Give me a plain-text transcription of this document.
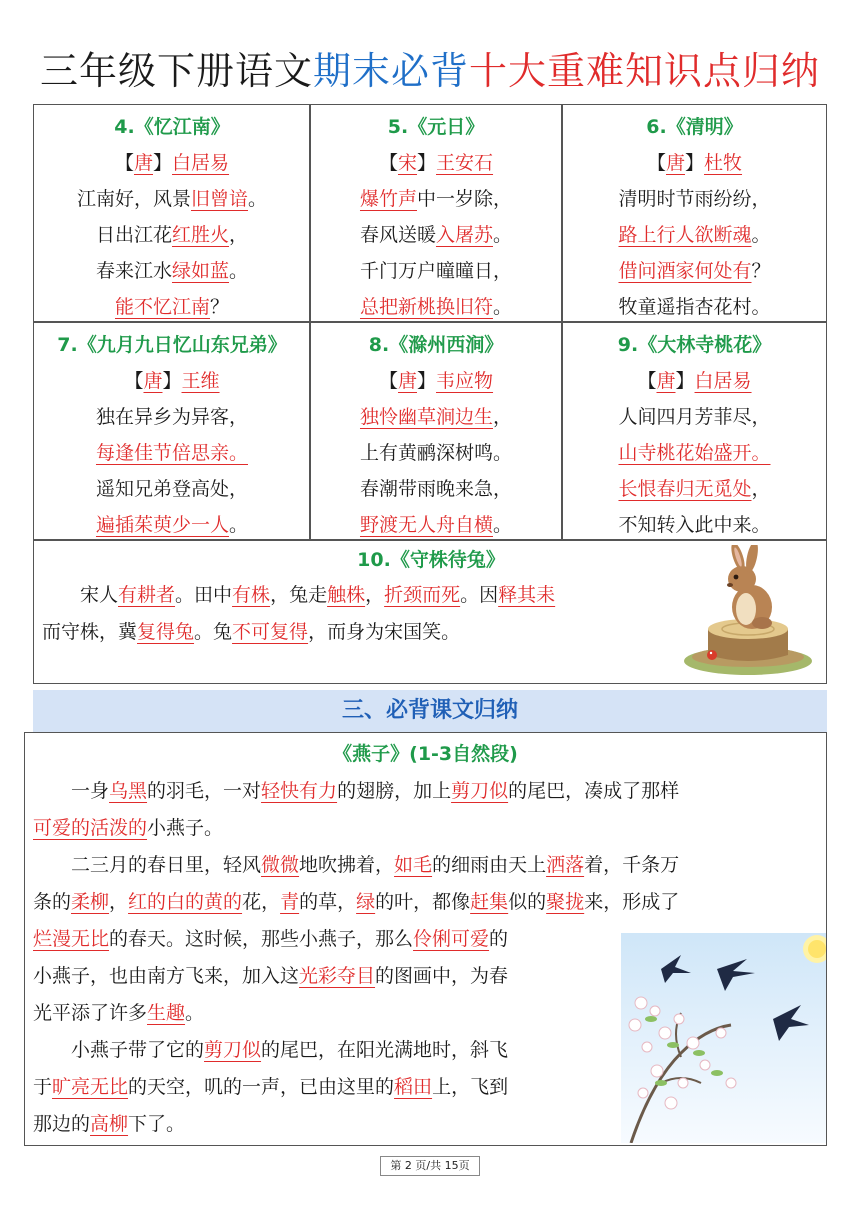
三年级下册语文期末必背十大重难知识点归纳
4.《忆江南》
【唐】白居易
江南好，风景旧曾谙。
日出江花红胜火，
春来江水绿如蓝。
能不忆江南？
5.《元日》
【宋】王安石
爆竹声中一岁除，
春风送暖入屠苏。
千门万户曈曈日，
总把新桃换旧符。
6.《清明》
【唐】杜牧
清明时节雨纷纷，
路上行人欲断魂。
借问酒家何处有？
牧童遥指杏花村。
7.《九月九日忆山东兄弟》
【唐】王维
独在异乡为异客，
每逢佳节倍思亲。
遥知兄弟登高处，
遍插茱萸少一人。
8.《滁州西涧》
【唐】韦应物
独怜幽草涧边生，
上有黄鹂深树鸣。
春潮带雨晚来急，
野渡无人舟自横。
9.《大林寺桃花》
【唐】白居易
人间四月芳菲尽，
山寺桃花始盛开。
长恨春归无觅处，
不知转入此中来。
10.《守株待兔》
宋人有耕者。田中有株，兔走触株，折颈而死。因释其耒
而守株，冀复得兔。兔不可复得，而身为宋国笑。
三、必背课文归纳
《燕子》(1-3自然段)
一身乌黑的羽毛，一对轻快有力的翅膀，加上剪刀似的尾巴，凑成了那样
可爱的活泼的小燕子。
二三月的春日里，轻风微微地吹拂着，如毛的细雨由天上洒落着，千条万
条的柔柳，红的白的黄的花，青的草，绿的叶，都像赶集似的聚拢来，形成了
烂漫无比的春天。这时候，那些小燕子，那么伶俐可爱的
小燕子，也由南方飞来，加入这光彩夺目的图画中，为春
光平添了许多生趣。
小燕子带了它的剪刀似的尾巴，在阳光满地时，斜飞
于旷亮无比的天空，叽的一声，已由这里的稻田上，飞到
那边的高柳下了。
第 2 页/共 15页
